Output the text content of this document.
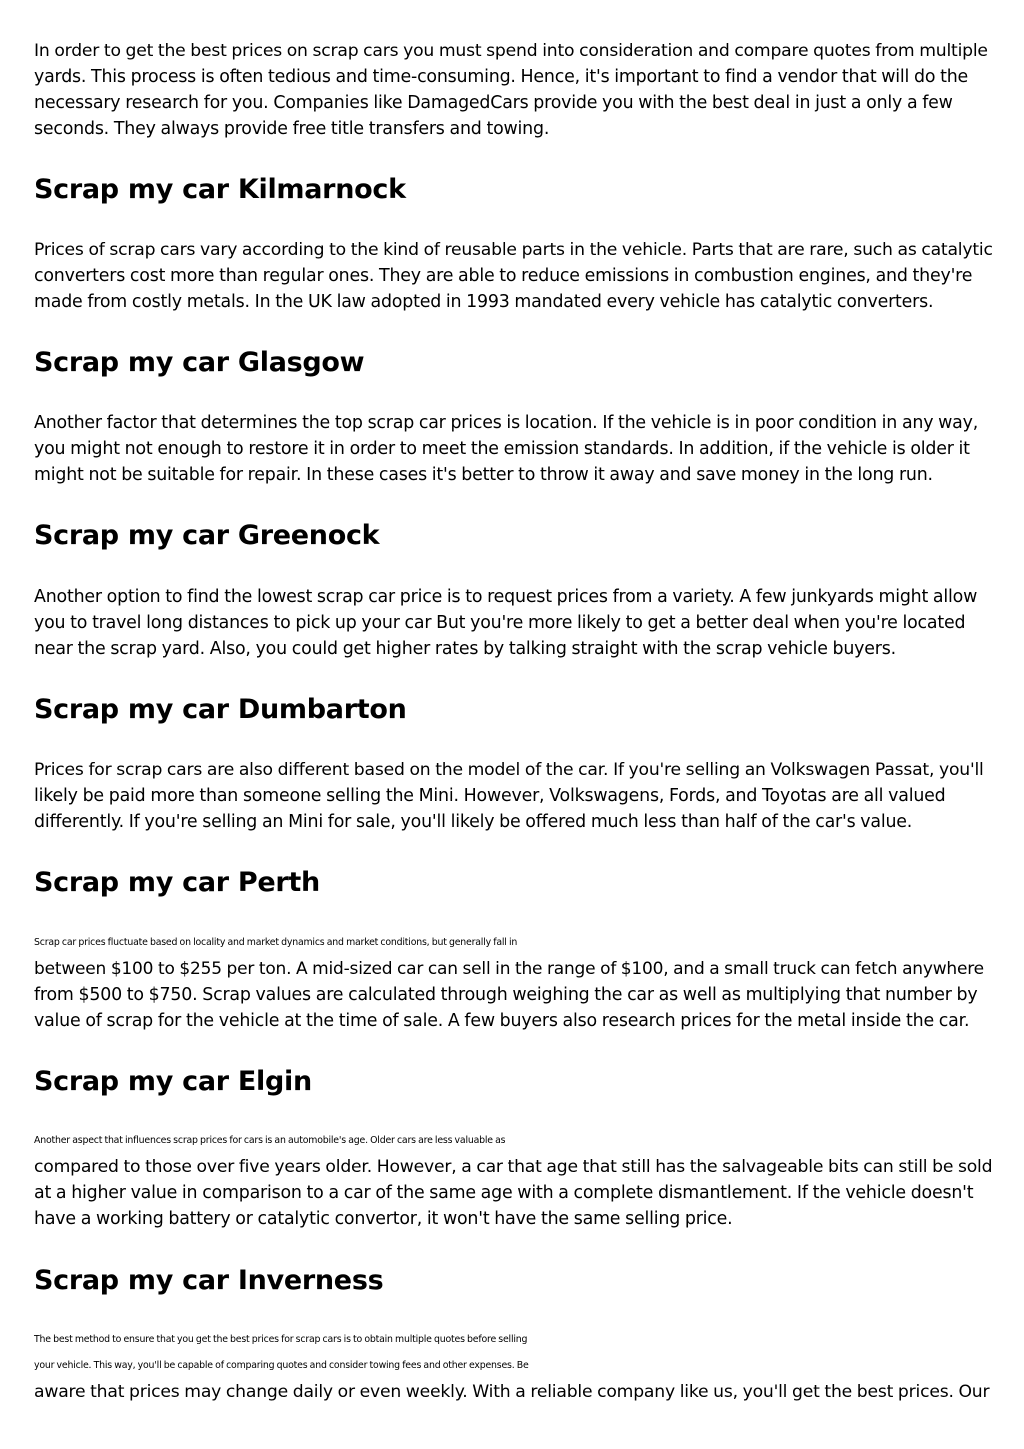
In order to get the best prices on scrap cars you must spend into consideration and compare quotes from multiple
yards. This process is often tedious and time-consuming. Hence, it's important to find a vendor that will do the
necessary research for you. Companies like DamagedCars provide you with the best deal in just a only a few
seconds. They always provide free title transfers and towing.

Scrap my car Kilmarnock

Prices of scrap cars vary according to the kind of reusable parts in the vehicle. Parts that are rare, such as catalytic
converters cost more than regular ones. They are able to reduce emissions in combustion engines, and they're
made from costly metals. In the UK law adopted in 1993 mandated every vehicle has catalytic converters.

Scrap my car Glasgow

Another factor that determines the top scrap car prices is location. If the vehicle is in poor condition in any way,
you might not enough to restore it in order to meet the emission standards. In addition, if the vehicle is older it
might not be suitable for repair. In these cases it's better to throw it away and save money in the long run.

Scrap my car Greenock

Another option to find the lowest scrap car price is to request prices from a variety. A few junkyards might allow
you to travel long distances to pick up your car But you're more likely to get a better deal when you're located
near the scrap yard. Also, you could get higher rates by talking straight with the scrap vehicle buyers.

Scrap my car Dumbarton

Prices for scrap cars are also different based on the model of the car. If you're selling an Volkswagen Passat, you'll
likely be paid more than someone selling the Mini. However, Volkswagens, Fords, and Toyotas are all valued
differently. If you're selling an Mini for sale, you'll likely be offered much less than half of the car's value.

Scrap my car Perth

Scrap car prices fluctuate based on locality and market dynamics and market conditions, but generally fall in
between $100 to $255 per ton. A mid-sized car can sell in the range of $100, and a small truck can fetch anywhere
from $500 to $750. Scrap values are calculated through weighing the car as well as multiplying that number by
value of scrap for the vehicle at the time of sale. A few buyers also research prices for the metal inside the car.

Scrap my car Elgin

Another aspect that influences scrap prices for cars is an automobile's age. Older cars are less valuable as
compared to those over five years older. However, a car that age that still has the salvageable bits can still be sold
at a higher value in comparison to a car of the same age with a complete dismantlement. If the vehicle doesn't
have a working battery or catalytic convertor, it won't have the same selling price.

Scrap my car Inverness

The best method to ensure that you get the best prices for scrap cars is to obtain multiple quotes before selling
your vehicle. This way, you'll be capable of comparing quotes and consider towing fees and other expenses. Be
aware that prices may change daily or even weekly. With a reliable company like us, you'll get the best prices. Our
